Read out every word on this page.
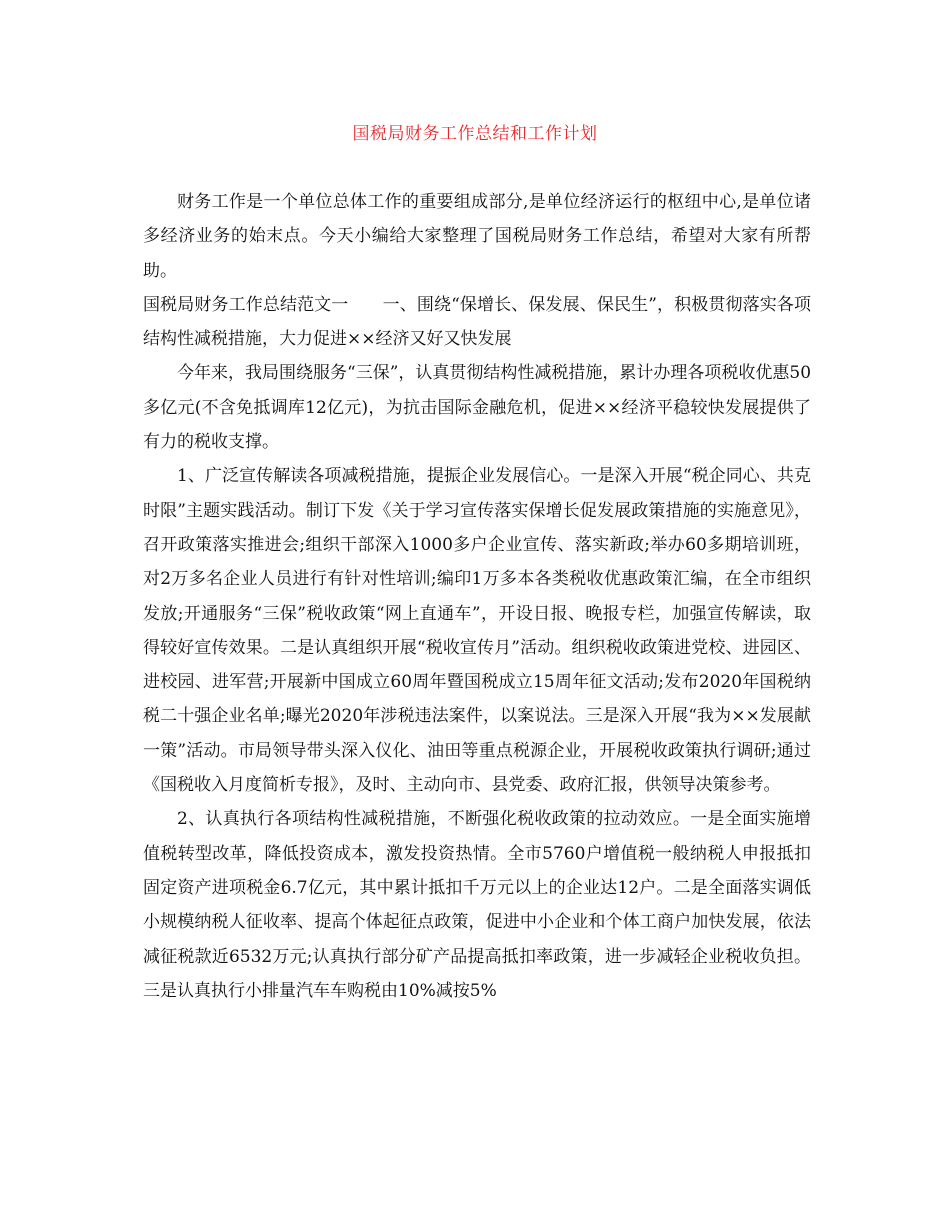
国税局财务工作总结和工作计划

财务工作是一个单位总体工作的重要组成部分,是单位经济运行的枢纽中心,是单位诸多经济业务的始末点。今天小编给大家整理了国税局财务工作总结，希望对大家有所帮助。

国税局财务工作总结范文一　　一、围绕“保增长、保发展、保民生”，积极贯彻落实各项结构性减税措施，大力促进××经济又好又快发展

今年来，我局围绕服务“三保”，认真贯彻结构性减税措施，累计办理各项税收优惠50多亿元(不含免抵调库12亿元)，为抗击国际金融危机，促进××经济平稳较快发展提供了有力的税收支撑。

1、广泛宣传解读各项减税措施，提振企业发展信心。一是深入开展“税企同心、共克时限”主题实践活动。制订下发《关于学习宣传落实保增长促发展政策措施的实施意见》，召开政策落实推进会;组织干部深入1000多户企业宣传、落实新政;举办60多期培训班，对2万多名企业人员进行有针对性培训;编印1万多本各类税收优惠政策汇编，在全市组织发放;开通服务“三保”税收政策“网上直通车”，开设日报、晚报专栏，加强宣传解读，取得较好宣传效果。二是认真组织开展“税收宣传月”活动。组织税收政策进党校、进园区、进校园、进军营;开展新中国成立60周年暨国税成立15周年征文活动;发布2020年国税纳税二十强企业名单;曝光2020年涉税违法案件，以案说法。三是深入开展“我为××发展献一策”活动。市局领导带头深入仪化、油田等重点税源企业，开展税收政策执行调研;通过《国税收入月度简析专报》，及时、主动向市、县党委、政府汇报，供领导决策参考。

2、认真执行各项结构性减税措施，不断强化税收政策的拉动效应。一是全面实施增值税转型改革，降低投资成本，激发投资热情。全市5760户增值税一般纳税人申报抵扣固定资产进项税金6.7亿元，其中累计抵扣千万元以上的企业达12户。二是全面落实调低小规模纳税人征收率、提高个体起征点政策，促进中小企业和个体工商户加快发展，依法减征税款近6532万元;认真执行部分矿产品提高抵扣率政策，进一步减轻企业税收负担。三是认真执行小排量汽车车购税由10%减按5%
